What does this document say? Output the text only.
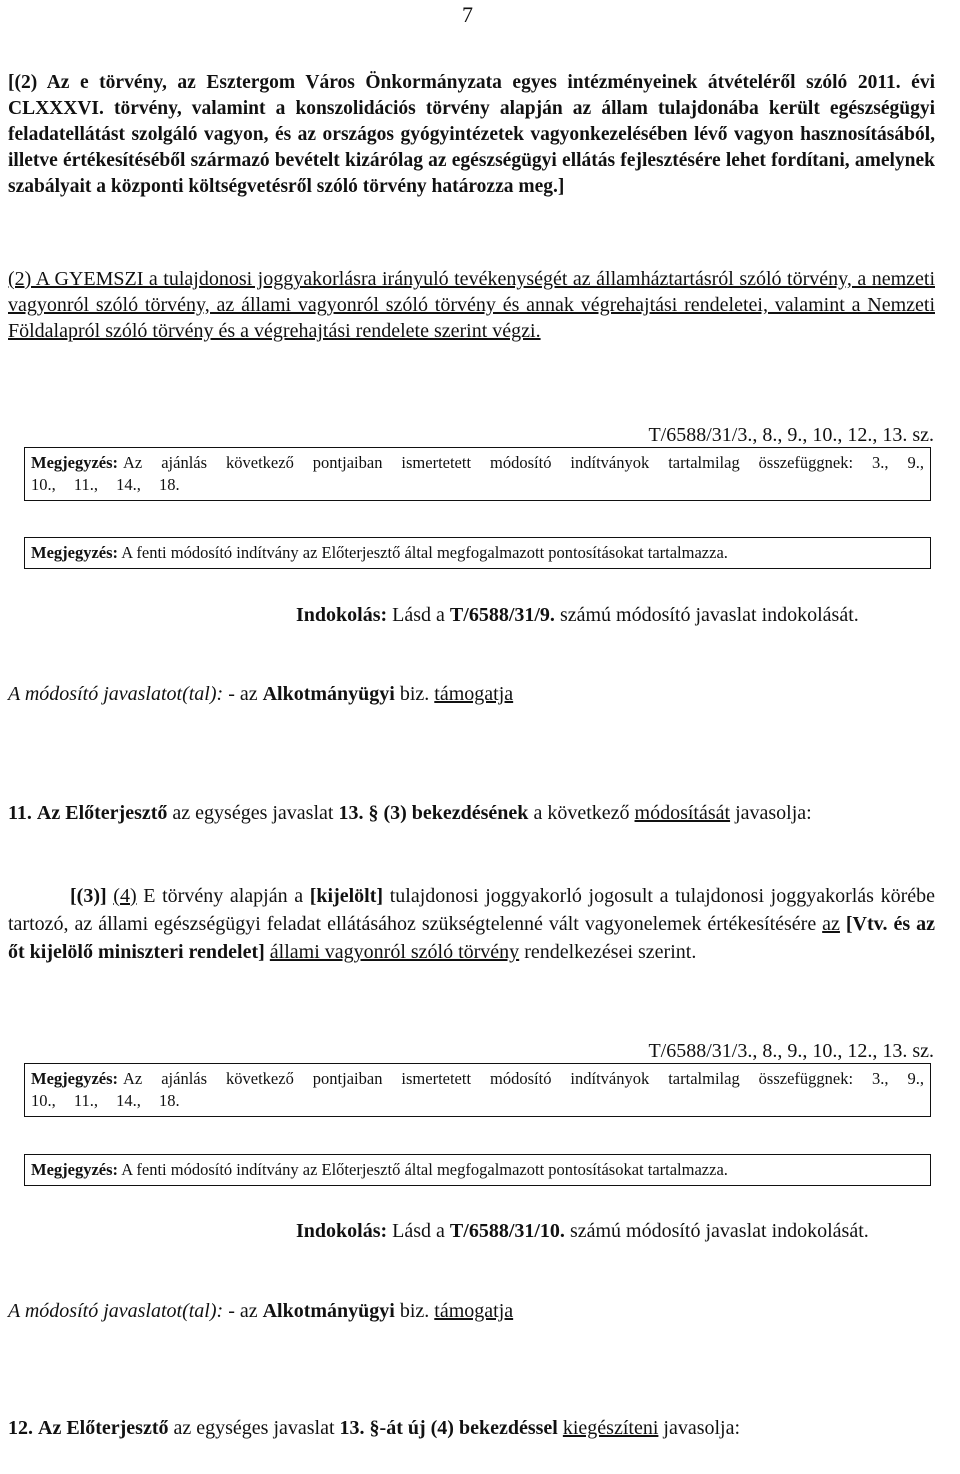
7

[(2) Az e törvény, az Esztergom Város Önkormányzata egyes intézményeinek átvételéről szóló 2011. évi CLXXXVI. törvény, valamint a konszolidációs törvény alapján az állam tulajdonába került egészségügyi feladatellátást szolgáló vagyon, és az országos gyógyintézetek vagyonkezelésében lévő vagyon hasznosításából, illetve értékesítéséből származó bevételt kizárólag az egészségügyi ellátás fejlesztésére lehet fordítani, amelynek szabályait a központi költségvetésről szóló törvény határozza meg.]

(2) A GYEMSZI a tulajdonosi joggyakorlásra irányuló tevékenységét az államháztartásról szóló törvény, a nemzeti vagyonról szóló törvény, az állami vagyonról szóló törvény és annak végrehajtási rendeletei, valamint a Nemzeti Földalapról szóló törvény és a végrehajtási rendelete szerint végzi.

T/6588/31/3., 8., 9., 10., 12., 13. sz.
Megjegyzés: Az ajánlás következő pontjaiban ismertetett módosító indítványok tartalmilag összefüggnek: 3., 9., 10., 11., 14., 18.
Megjegyzés: A fenti módosító indítvány az Előterjesztő által megfogalmazott pontosításokat tartalmazza.
Indokolás: Lásd a T/6588/31/9. számú módosító javaslat indokolását.
A módosító javaslatot(tal): - az Alkotmányügyi biz. támogatja
11. Az Előterjesztő az egységes javaslat 13. § (3) bekezdésének a következő módosítását javasolja:
[(3)] (4) E törvény alapján a [kijelölt] tulajdonosi joggyakorló jogosult a tulajdonosi joggyakorlás körébe tartozó, az állami egészségügyi feladat ellátásához szükségtelenné vált vagyonelemek értékesítésére az [Vtv. és az őt kijelölő miniszteri rendelet] állami vagyonról szóló törvény rendelkezései szerint.
T/6588/31/3., 8., 9., 10., 12., 13. sz.
Megjegyzés: Az ajánlás következő pontjaiban ismertetett módosító indítványok tartalmilag összefüggnek: 3., 9., 10., 11., 14., 18.
Megjegyzés: A fenti módosító indítvány az Előterjesztő által megfogalmazott pontosításokat tartalmazza.
Indokolás: Lásd a T/6588/31/10. számú módosító javaslat indokolását.
A módosító javaslatot(tal): - az Alkotmányügyi biz. támogatja
12. Az Előterjesztő az egységes javaslat 13. §-át új (4) bekezdéssel kiegészíteni javasolja:
